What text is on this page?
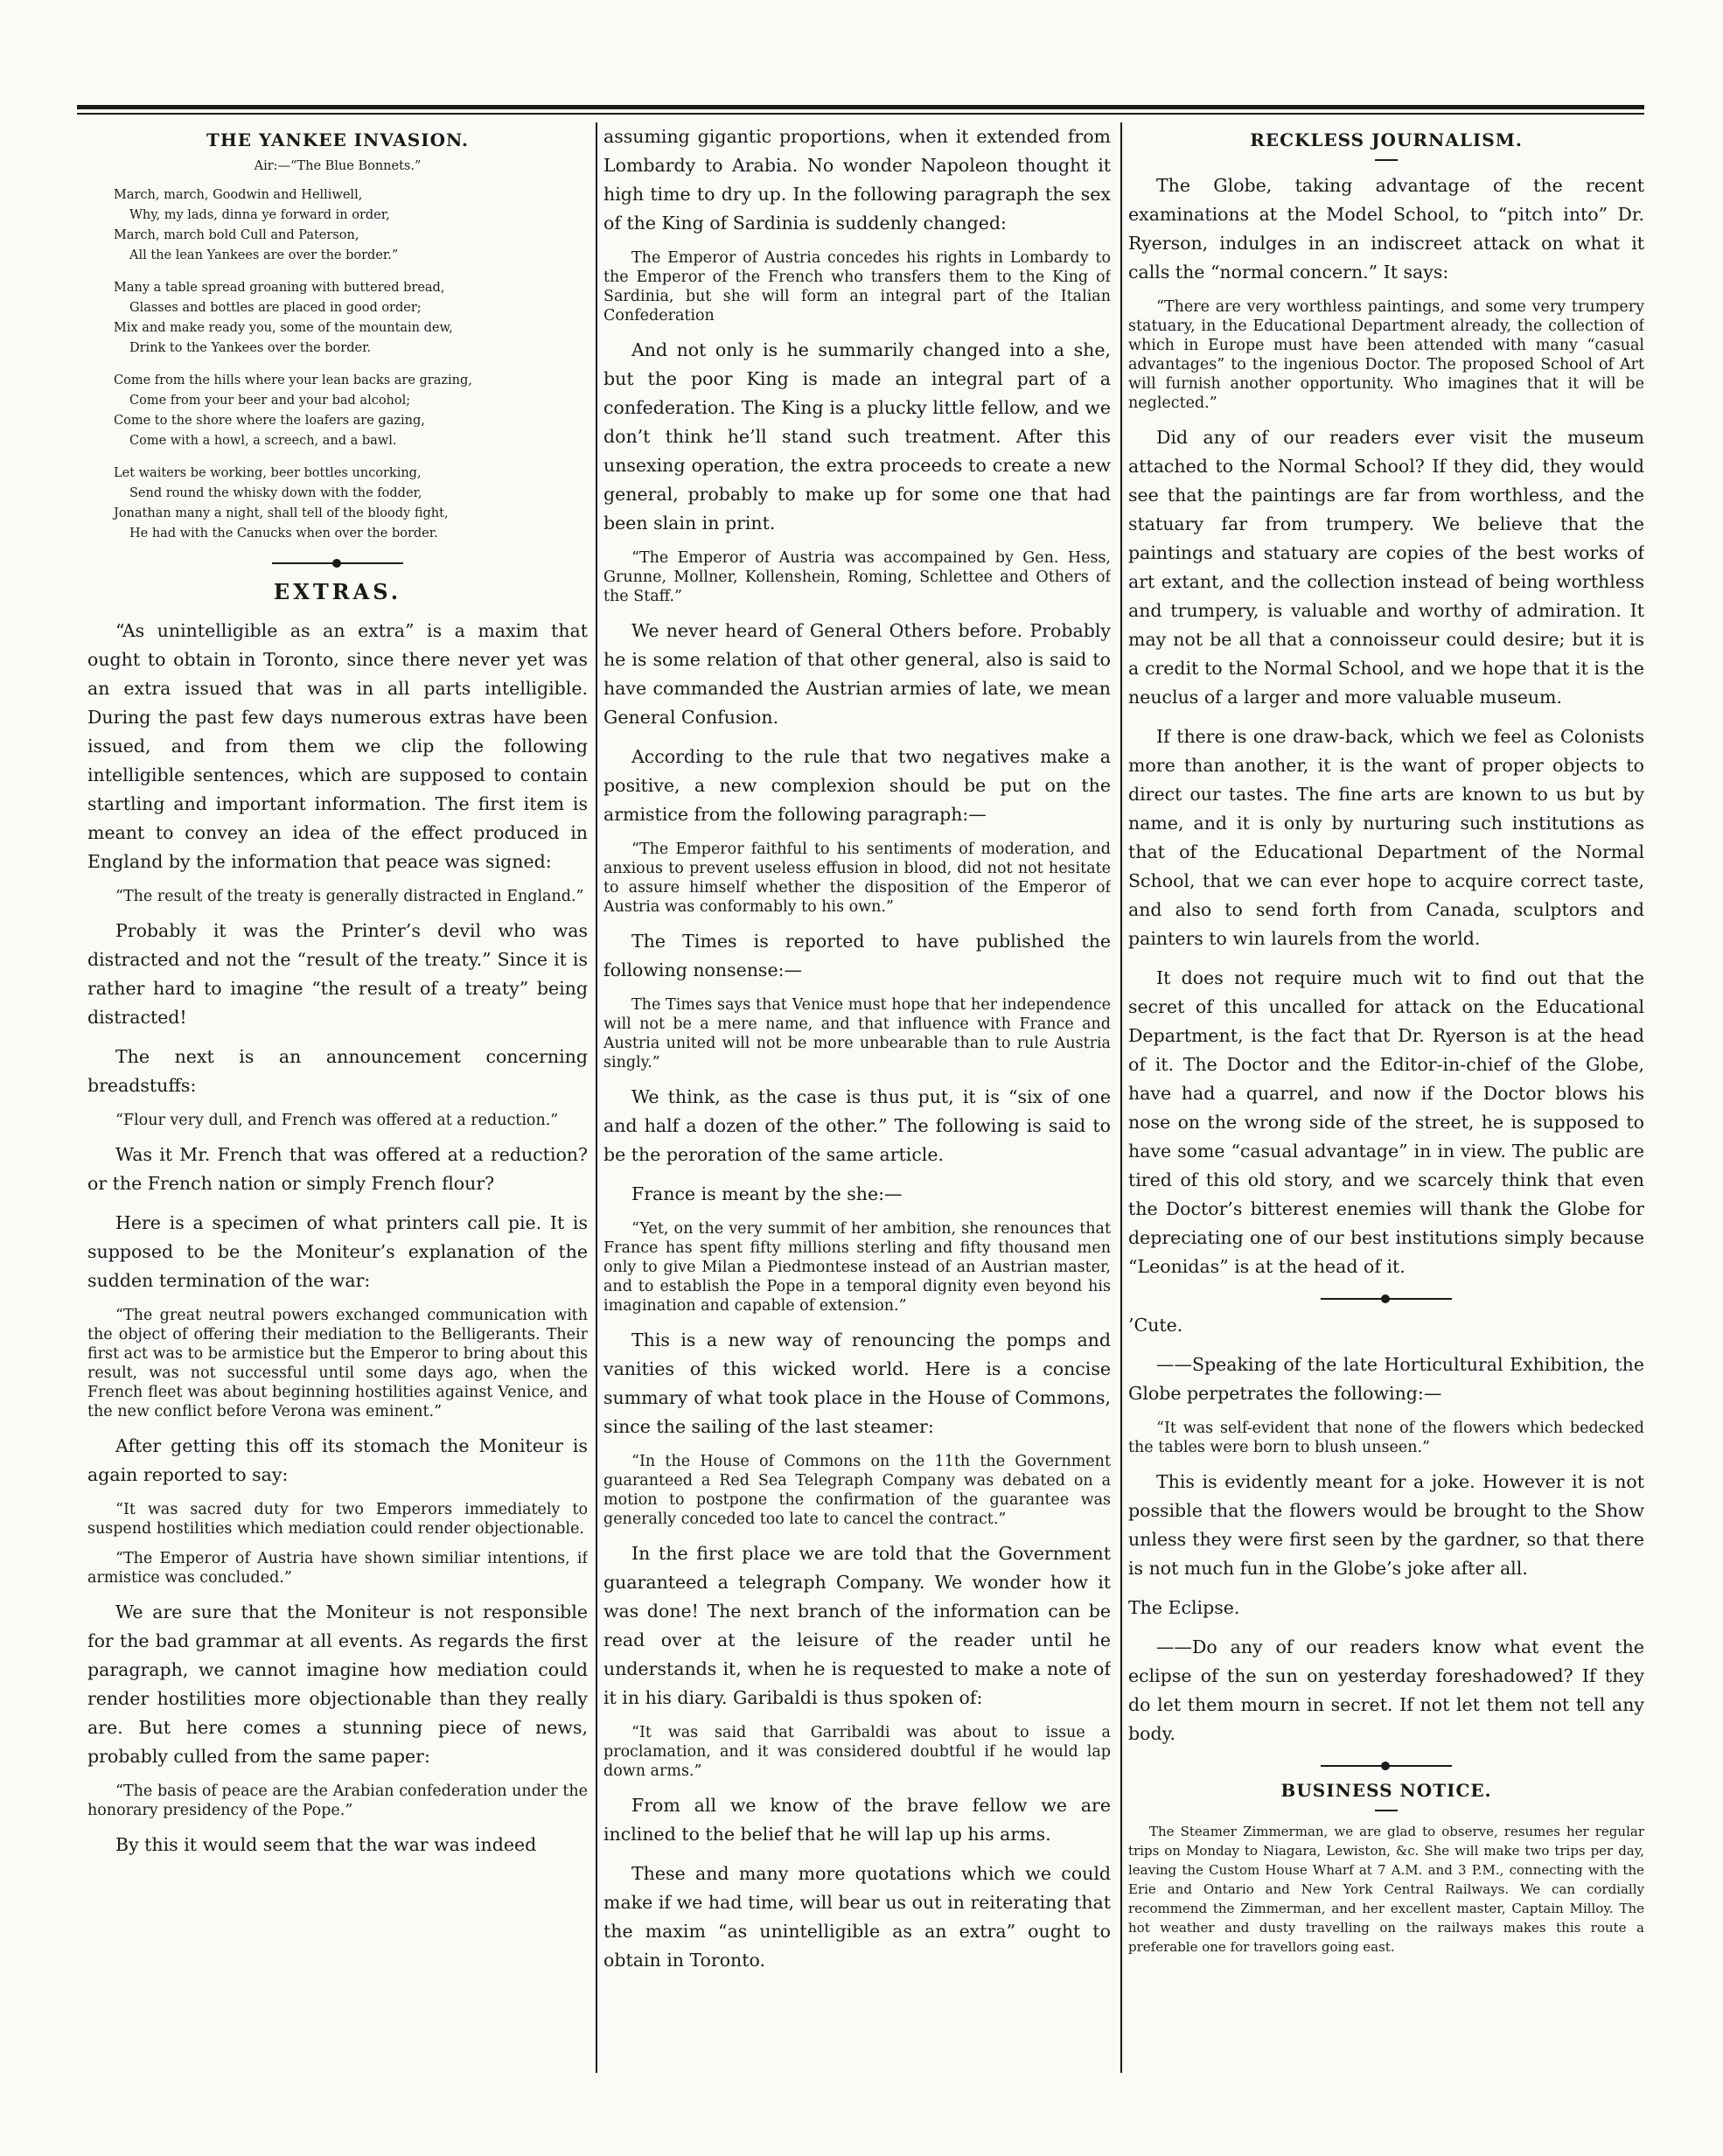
THE YANKEE INVASION.
Air:—“The Blue Bonnets.”
March, march, Goodwin and Helliwell,
Why, my lads, dinna ye forward in order,
March, march bold Cull and Paterson,
All the lean Yankees are over the border.”
Many a table spread groaning with buttered bread,
Glasses and bottles are placed in good order;
Mix and make ready you, some of the mountain dew,
Drink to the Yankees over the border.
Come from the hills where your lean backs are grazing,
Come from your beer and your bad alcohol;
Come to the shore where the loafers are gazing,
Come with a howl, a screech, and a bawl.
Let waiters be working, beer bottles uncorking,
Send round the whisky down with the fodder,
Jonathan many a night, shall tell of the bloody fight,
He had with the Canucks when over the border.
EXTRAS.

“As unintelligible as an extra” is a maxim that ought to obtain in Toronto, since there never yet was an extra issued that was in all parts intelligible. During the past few days numerous extras have been issued, and from them we clip the following intelligible sentences, which are supposed to contain startling and important information. The first item is meant to convey an idea of the effect produced in England by the information that peace was signed:

“The result of the treaty is generally distracted in England.”

Probably it was the Printer’s devil who was distracted and not the “result of the treaty.” Since it is rather hard to imagine “the result of a treaty” being distracted!

The next is an announcement concerning breadstuffs:

“Flour very dull, and French was offered at a reduction.”

Was it Mr. French that was offered at a reduction? or the French nation or simply French flour?

Here is a specimen of what printers call pie. It is supposed to be the Moniteur’s explanation of the sudden termination of the war:

“The great neutral powers exchanged communication with the object of offering their mediation to the Belligerants. Their first act was to be armistice but the Emperor to bring about this result, was not successful until some days ago, when the French fleet was about beginning hostilities against Venice, and the new conflict before Verona was eminent.”

After getting this off its stomach the Moniteur is again reported to say:

“It was sacred duty for two Emperors immediately to suspend hostilities which mediation could render objectionable.

“The Emperor of Austria have shown similiar intentions, if armistice was concluded.”

We are sure that the Moniteur is not responsible for the bad grammar at all events. As regards the first paragraph, we cannot imagine how mediation could render hostilities more objectionable than they really are. But here comes a stunning piece of news, probably culled from the same paper:

“The basis of peace are the Arabian confederation under the honorary presidency of the Pope.”

By this it would seem that the war was indeed

assuming gigantic proportions, when it extended from Lombardy to Arabia. No wonder Napoleon thought it high time to dry up. In the following paragraph the sex of the King of Sardinia is suddenly changed:

The Emperor of Austria concedes his rights in Lombardy to the Emperor of the French who transfers them to the King of Sardinia, but she will form an integral part of the Italian Confederation

And not only is he summarily changed into a she, but the poor King is made an integral part of a confederation. The King is a plucky little fellow, and we don’t think he’ll stand such treatment. After this unsexing operation, the extra proceeds to create a new general, probably to make up for some one that had been slain in print.

“The Emperor of Austria was accompained by Gen. Hess, Grunne, Mollner, Kollenshein, Roming, Schlettee and Others of the Staff.”

We never heard of General Others before. Probably he is some relation of that other general, also is said to have commanded the Austrian armies of late, we mean General Confusion.

According to the rule that two negatives make a positive, a new complexion should be put on the armistice from the following paragraph:—

“The Emperor faithful to his sentiments of moderation, and anxious to prevent useless effusion in blood, did not not hesitate to assure himself whether the disposition of the Emperor of Austria was conformably to his own.”

The Times is reported to have published the following nonsense:—

The Times says that Venice must hope that her independence will not be a mere name, and that influence with France and Austria united will not be more unbearable than to rule Austria singly.”

We think, as the case is thus put, it is “six of one and half a dozen of the other.” The following is said to be the peroration of the same article.

France is meant by the she:—

“Yet, on the very summit of her ambition, she renounces that France has spent fifty millions sterling and fifty thousand men only to give Milan a Piedmontese instead of an Austrian master, and to establish the Pope in a temporal dignity even beyond his imagination and capable of extension.”

This is a new way of renouncing the pomps and vanities of this wicked world. Here is a concise summary of what took place in the House of Commons, since the sailing of the last steamer:

“In the House of Commons on the 11th the Government guaranteed a Red Sea Telegraph Company was debated on a motion to postpone the confirmation of the guarantee was generally conceded too late to cancel the contract.”

In the first place we are told that the Government guaranteed a telegraph Company. We wonder how it was done! The next branch of the information can be read over at the leisure of the reader until he understands it, when he is requested to make a note of it in his diary. Garibaldi is thus spoken of:

“It was said that Garribaldi was about to issue a proclamation, and it was considered doubtful if he would lap down arms.”

From all we know of the brave fellow we are inclined to the belief that he will lap up his arms.

These and many more quotations which we could make if we had time, will bear us out in reiterating that the maxim “as unintelligible as an extra” ought to obtain in Toronto.

RECKLESS JOURNALISM.

The Globe, taking advantage of the recent examinations at the Model School, to “pitch into” Dr. Ryerson, indulges in an indiscreet attack on what it calls the “normal concern.” It says:

“There are very worthless paintings, and some very trumpery statuary, in the Educational Department already, the collection of which in Europe must have been attended with many “casual advantages” to the ingenious Doctor. The proposed School of Art will furnish another opportunity. Who imagines that it will be neglected.”

Did any of our readers ever visit the museum attached to the Normal School? If they did, they would see that the paintings are far from worthless, and the statuary far from trumpery. We believe that the paintings and statuary are copies of the best works of art extant, and the collection instead of being worthless and trumpery, is valuable and worthy of admiration. It may not be all that a connoisseur could desire; but it is a credit to the Normal School, and we hope that it is the neuclus of a larger and more valuable museum.

If there is one draw-back, which we feel as Colonists more than another, it is the want of proper objects to direct our tastes. The fine arts are known to us but by name, and it is only by nurturing such institutions as that of the Educational Department of the Normal School, that we can ever hope to acquire correct taste, and also to send forth from Canada, sculptors and painters to win laurels from the world.

It does not require much wit to find out that the secret of this uncalled for attack on the Educational Department, is the fact that Dr. Ryerson is at the head of it. The Doctor and the Editor-in-chief of the Globe, have had a quarrel, and now if the Doctor blows his nose on the wrong side of the street, he is supposed to have some “casual advantage” in in view. The public are tired of this old story, and we scarcely think that even the Doctor’s bitterest enemies will thank the Globe for depreciating one of our best institutions simply because “Leonidas” is at the head of it.

’Cute.

——Speaking of the late Horticultural Exhibition, the Globe perpetrates the following:—

“It was self-evident that none of the flowers which bedecked the tables were born to blush unseen.”

This is evidently meant for a joke. However it is not possible that the flowers would be brought to the Show unless they were first seen by the gardner, so that there is not much fun in the Globe’s joke after all.

The Eclipse.

——Do any of our readers know what event the eclipse of the sun on yesterday foreshadowed? If they do let them mourn in secret. If not let them not tell any body.

BUSINESS NOTICE.

The Steamer Zimmerman, we are glad to observe, resumes her regular trips on Monday to Niagara, Lewiston, &c. She will make two trips per day, leaving the Custom House Wharf at 7 A.M. and 3 P.M., connecting with the Erie and Ontario and New York Central Railways. We can cordially recommend the Zimmerman, and her excellent master, Captain Milloy. The hot weather and dusty travelling on the railways makes this route a preferable one for travellors going east.
